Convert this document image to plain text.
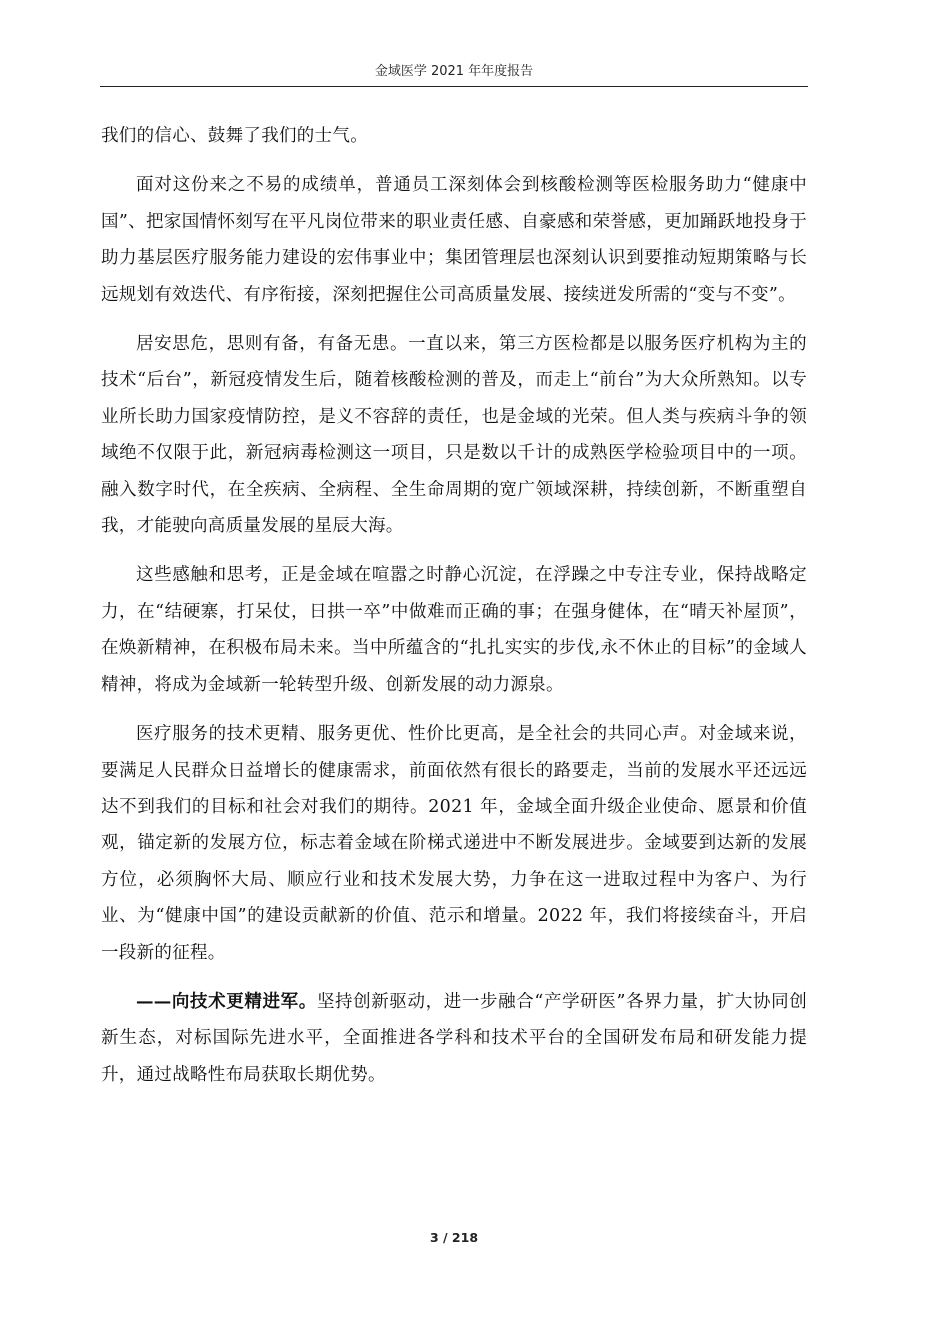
金域医学 2021 年年度报告

我们的信心、鼓舞了我们的士气。

面对这份来之不易的成绩单，普通员工深刻体会到核酸检测等医检服务助力“健康中国”、把家国情怀刻写在平凡岗位带来的职业责任感、自豪感和荣誉感，更加踊跃地投身于助力基层医疗服务能力建设的宏伟事业中；集团管理层也深刻认识到要推动短期策略与长远规划有效迭代、有序衔接，深刻把握住公司高质量发展、接续迸发所需的“变与不变”。

居安思危，思则有备，有备无患。一直以来，第三方医检都是以服务医疗机构为主的技术“后台”，新冠疫情发生后，随着核酸检测的普及，而走上“前台”为大众所熟知。以专业所长助力国家疫情防控，是义不容辞的责任，也是金域的光荣。但人类与疾病斗争的领域绝不仅限于此，新冠病毒检测这一项目，只是数以千计的成熟医学检验项目中的一项。融入数字时代，在全疾病、全病程、全生命周期的宽广领域深耕，持续创新，不断重塑自我，才能驶向高质量发展的星辰大海。

这些感触和思考，正是金域在喧嚣之时静心沉淀，在浮躁之中专注专业，保持战略定力，在“结硬寨，打呆仗，日拱一卒”中做难而正确的事；在强身健体，在“晴天补屋顶”，在焕新精神，在积极布局未来。当中所蕴含的“扎扎实实的步伐,永不休止的目标”的金域人精神，将成为金域新一轮转型升级、创新发展的动力源泉。

医疗服务的技术更精、服务更优、性价比更高，是全社会的共同心声。对金域来说，要满足人民群众日益增长的健康需求，前面依然有很长的路要走，当前的发展水平还远远达不到我们的目标和社会对我们的期待。2021 年，金域全面升级企业使命、愿景和价值观，锚定新的发展方位，标志着金域在阶梯式递进中不断发展进步。金域要到达新的发展方位，必须胸怀大局、顺应行业和技术发展大势，力争在这一进取过程中为客户、为行业、为“健康中国”的建设贡献新的价值、范示和增量。2022 年，我们将接续奋斗，开启一段新的征程。

——向技术更精进军。坚持创新驱动，进一步融合“产学研医”各界力量，扩大协同创新生态，对标国际先进水平，全面推进各学科和技术平台的全国研发布局和研发能力提升，通过战略性布局获取长期优势。

3 / 218
